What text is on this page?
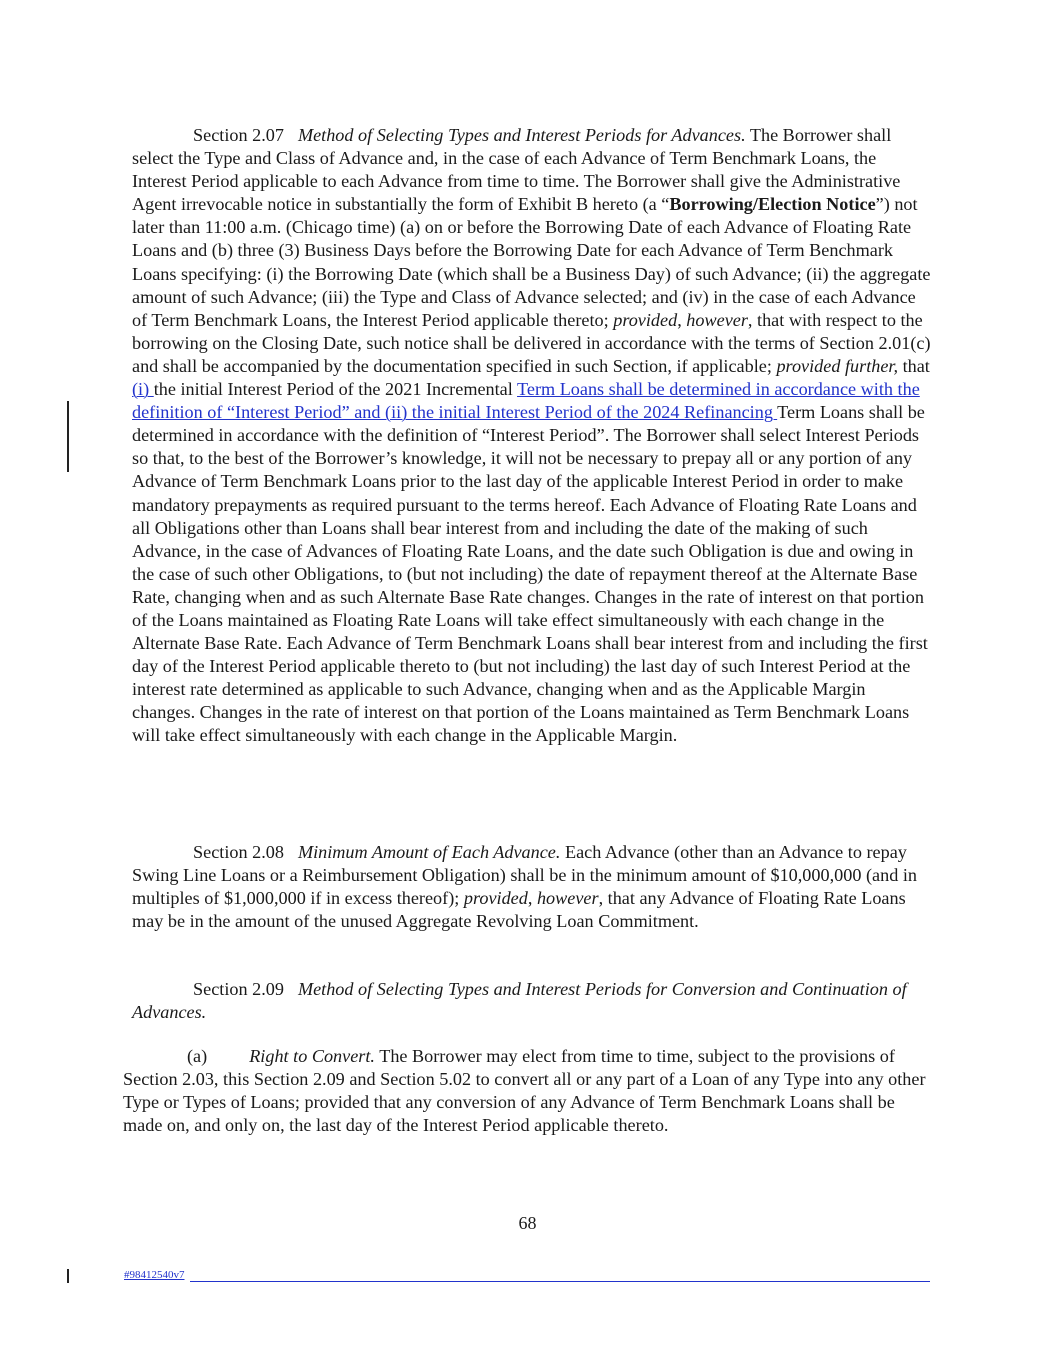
Section 2.07 Method of Selecting Types and Interest Periods for Advances. The Borrower shall select the Type and Class of Advance and, in the case of each Advance of Term Benchmark Loans, the Interest Period applicable to each Advance from time to time. The Borrower shall give the Administrative Agent irrevocable notice in substantially the form of Exhibit B hereto (a “Borrowing/Election Notice”) not later than 11:00 a.m. (Chicago time) (a) on or before the Borrowing Date of each Advance of Floating Rate Loans and (b) three (3) Business Days before the Borrowing Date for each Advance of Term Benchmark Loans specifying: (i) the Borrowing Date (which shall be a Business Day) of such Advance; (ii) the aggregate amount of such Advance; (iii) the Type and Class of Advance selected; and (iv) in the case of each Advance of Term Benchmark Loans, the Interest Period applicable thereto; provided, however, that with respect to the borrowing on the Closing Date, such notice shall be delivered in accordance with the terms of Section 2.01(c) and shall be accompanied by the documentation specified in such Section, if applicable; provided further, that (i) the initial Interest Period of the 2021 Incremental Term Loans shall be determined in accordance with the definition of “Interest Period” and (ii) the initial Interest Period of the 2024 Refinancing Term Loans shall be determined in accordance with the definition of “Interest Period”. The Borrower shall select Interest Periods so that, to the best of the Borrower’s knowledge, it will not be necessary to prepay all or any portion of any Advance of Term Benchmark Loans prior to the last day of the applicable Interest Period in order to make mandatory prepayments as required pursuant to the terms hereof. Each Advance of Floating Rate Loans and all Obligations other than Loans shall bear interest from and including the date of the making of such Advance, in the case of Advances of Floating Rate Loans, and the date such Obligation is due and owing in the case of such other Obligations, to (but not including) the date of repayment thereof at the Alternate Base Rate, changing when and as such Alternate Base Rate changes. Changes in the rate of interest on that portion of the Loans maintained as Floating Rate Loans will take effect simultaneously with each change in the Alternate Base Rate. Each Advance of Term Benchmark Loans shall bear interest from and including the first day of the Interest Period applicable thereto to (but not including) the last day of such Interest Period at the interest rate determined as applicable to such Advance, changing when and as the Applicable Margin changes. Changes in the rate of interest on that portion of the Loans maintained as Term Benchmark Loans will take effect simultaneously with each change in the Applicable Margin.

Section 2.08 Minimum Amount of Each Advance. Each Advance (other than an Advance to repay Swing Line Loans or a Reimbursement Obligation) shall be in the minimum amount of $10,000,000 (and in multiples of $1,000,000 if in excess thereof); provided, however, that any Advance of Floating Rate Loans may be in the amount of the unused Aggregate Revolving Loan Commitment.

Section 2.09 Method of Selecting Types and Interest Periods for Conversion and Continuation of Advances.

(a) Right to Convert. The Borrower may elect from time to time, subject to the provisions of Section 2.03, this Section 2.09 and Section 5.02 to convert all or any part of a Loan of any Type into any other Type or Types of Loans; provided that any conversion of any Advance of Term Benchmark Loans shall be made on, and only on, the last day of the Interest Period applicable thereto.

68
#98412540v7
